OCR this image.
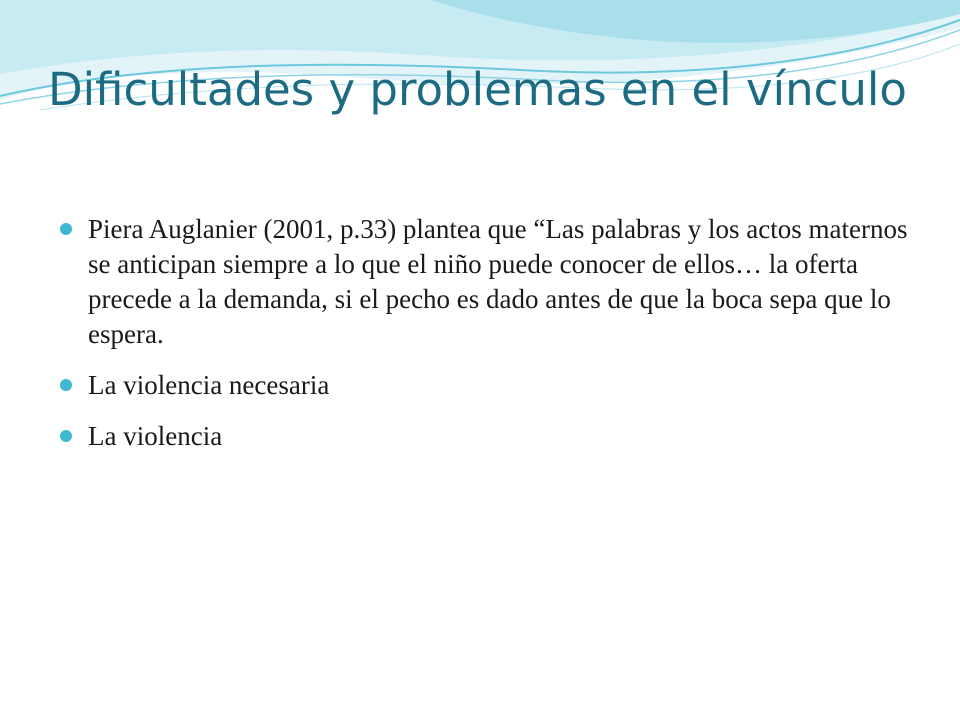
Dificultades y problemas en el vínculo
Piera Auglanier (2001, p.33) plantea que “Las palabras y los actos maternos se anticipan siempre a lo que el niño puede conocer de ellos… la oferta precede a la demanda, si el pecho es dado antes de que la boca sepa que lo espera.
La violencia necesaria
La violencia
